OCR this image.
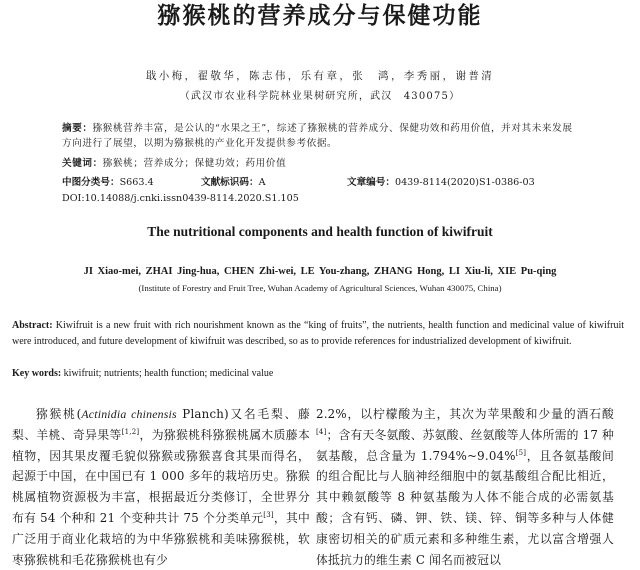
猕猴桃的营养成分与保健功能
戢小梅，翟敬华，陈志伟，乐有章，张　鸿，李秀丽，谢普清
（武汉市农业科学院林业果树研究所，武汉　430075）
摘要：猕猴桃营养丰富，是公认的“水果之王”，综述了猕猴桃的营养成分、保健功效和药用价值，并对其未来发展方向进行了展望，以期为猕猴桃的产业化开发提供参考依据。
关键词：猕猴桃；营养成分；保健功效；药用价值
中图分类号：S663.4	文献标识码：A	文章编号：0439-8114(2020)S1-0386-03
DOI:10.14088/j.cnki.issn0439-8114.2020.S1.105
The nutritional components and health function of kiwifruit
JI Xiao-mei, ZHAI Jing-hua, CHEN Zhi-wei, LE You-zhang, ZHANG Hong, LI Xiu-li, XIE Pu-qing
(Institute of Forestry and Fruit Tree, Wuhan Academy of Agricultural Sciences, Wuhan 430075, China)
Abstract: Kiwifruit is a new fruit with rich nourishment known as the “king of fruits”, the nutrients, health function and medicinal value of kiwifruit were introduced, and future development of kiwifruit was described, so as to provide references for industrialized development of kiwifruit.
Key words: kiwifruit; nutrients; health function; medicinal value
猕猴桃(Actinidia chinensis Planch)又名毛梨、藤梨、羊桃、奇异果等[1,2]，为猕猴桃科猕猴桃属木质藤本植物，因其果皮覆毛貌似猕猴或猕猴喜食其果而得名，起源于中国，在中国已有 1 000 多年的栽培历史。猕猴桃属植物资源极为丰富，根据最近分类修订，全世界分布有 54 个种和 21 个变种共计 75 个分类单元[3]，其中广泛用于商业化栽培的为中华猕猴桃和美味猕猴桃，软枣猕猴桃和毛花猕猴桃也有少
2.2%，以柠檬酸为主，其次为苹果酸和少量的酒石酸[4]；含有天冬氨酸、苏氨酸、丝氨酸等人体所需的 17 种氨基酸，总含量为 1.794%~9.04%[5]，且各氨基酸间的组合配比与人脑神经细胞中的氨基酸组合配比相近，其中赖氨酸等 8 种氨基酸为人体不能合成的必需氨基酸；含有钙、磷、钾、铁、镁、锌、铜等多种与人体健康密切相关的矿质元素和多种维生素，尤以富含增强人体抵抗力的维生素 C 闻名而被冠以
